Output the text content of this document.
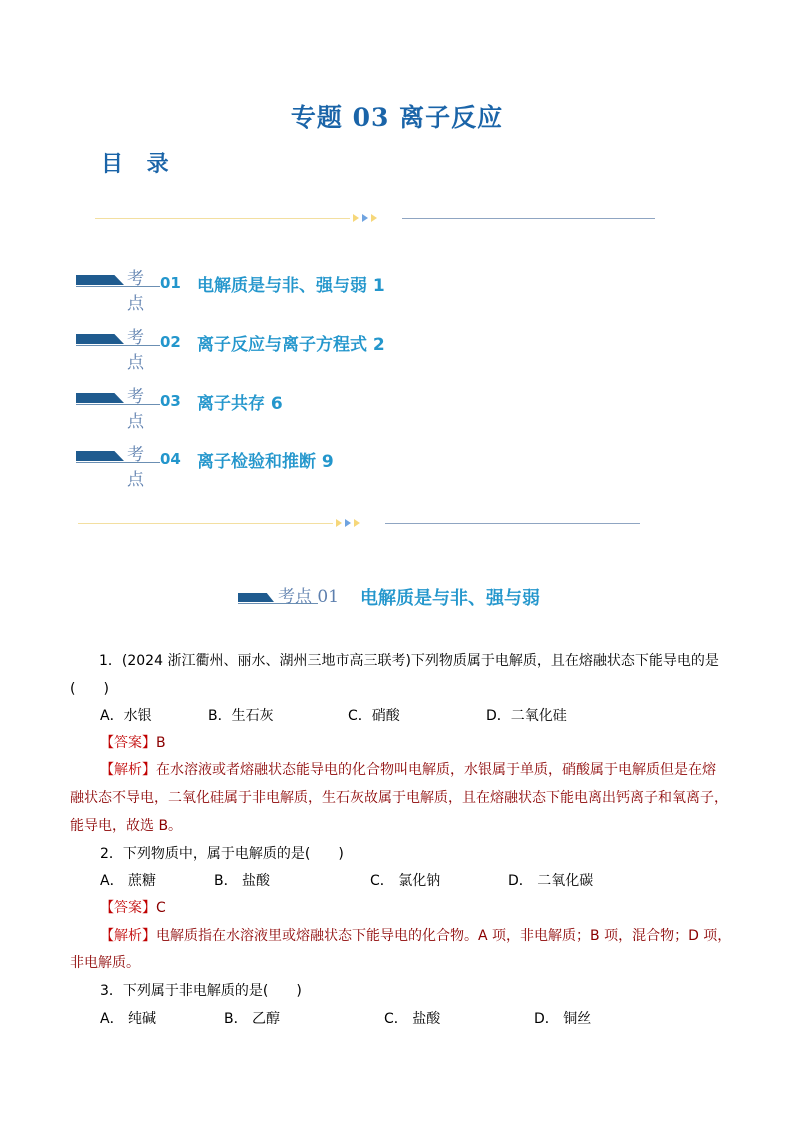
专题 03 离子反应
目 录
考点
01 电解质是与非、强与弱 1
考点
02 离子反应与离子方程式 2
考点
03 离子共存 6
考点
04 离子检验和推断 9
考点 01 电解质是与非、强与弱
1．(2024 浙江衢州、丽水、湖州三地市高三联考)下列物质属于电解质，且在熔融状态下能导电的是
(　　)
A．水银	B．生石灰	C．硝酸	D．二氧化硅
【答案】B
【解析】在水溶液或者熔融状态能导电的化合物叫电解质，水银属于单质，硝酸属于电解质但是在熔
融状态不导电，二氧化硅属于非电解质，生石灰故属于电解质，且在熔融状态下能电离出钙离子和氧离子，
能导电，故选 B。
2．下列物质中，属于电解质的是(　　)
A． 蔗糖	B． 盐酸	C． 氯化钠	D． 二氧化碳
【答案】C
【解析】电解质指在水溶液里或熔融状态下能导电的化合物。A 项，非电解质；B 项，混合物；D 项，
非电解质。
3．下列属于非电解质的是(　　)
A． 纯碱	B． 乙醇	C． 盐酸	D． 铜丝
